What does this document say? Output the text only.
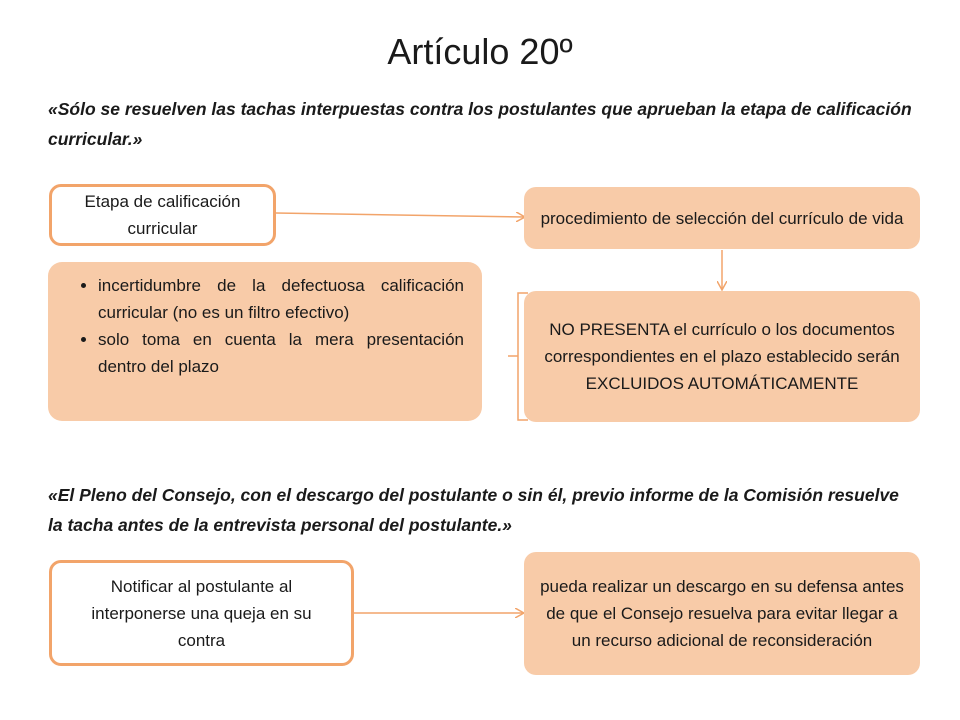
Artículo 20º
«Sólo se resuelven las tachas interpuestas contra los postulantes que aprueban la etapa de calificación curricular.»
Etapa de calificación curricular
procedimiento de selección del currículo de vida
• incertidumbre de la defectuosa calificación curricular (no es un filtro efectivo)
• solo toma en cuenta la mera presentación dentro del plazo
NO PRESENTA el currículo o los documentos correspondientes en el plazo establecido serán EXCLUIDOS AUTOMÁTICAMENTE
«El Pleno del Consejo, con el descargo del postulante o sin él, previo informe de la Comisión resuelve la tacha antes de la entrevista personal del postulante.»
Notificar al postulante al interponerse una queja en su contra
pueda realizar un descargo en su defensa antes de que el Consejo resuelva para evitar llegar a un recurso adicional de reconsideración
